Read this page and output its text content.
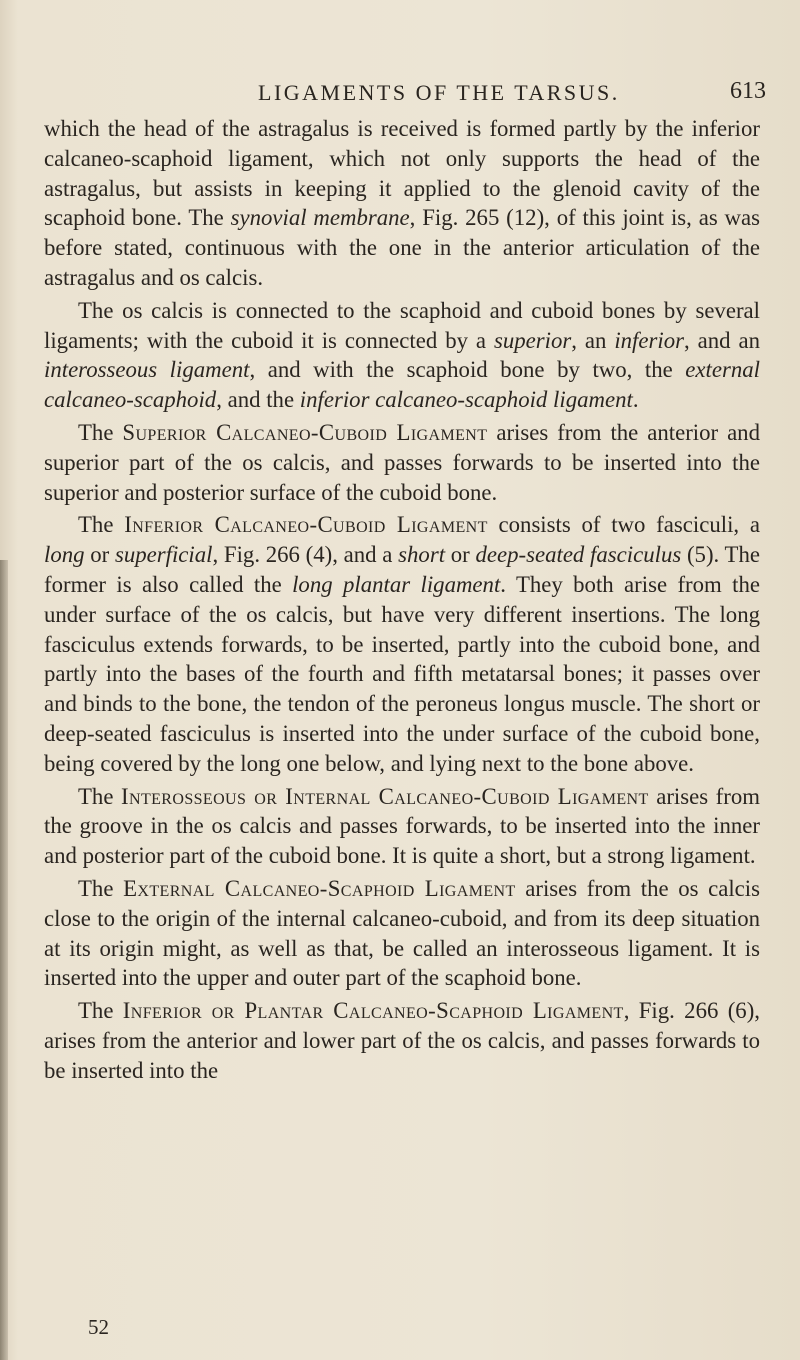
LIGAMENTS OF THE TARSUS.	613

which the head of the astragalus is received is formed partly by the inferior calcaneo-scaphoid ligament, which not only supports the head of the astragalus, but assists in keeping it applied to the glenoid cavity of the scaphoid bone. The synovial membrane, Fig. 265 (12), of this joint is, as was before stated, continuous with the one in the anterior articulation of the astragalus and os calcis.

The os calcis is connected to the scaphoid and cuboid bones by several ligaments; with the cuboid it is connected by a superior, an inferior, and an interosseous ligament, and with the scaphoid bone by two, the external calcaneo-scaphoid, and the inferior calcaneo-scaphoid ligament.

The Superior Calcaneo-Cuboid Ligament arises from the anterior and superior part of the os calcis, and passes forwards to be inserted into the superior and posterior surface of the cuboid bone.

The Inferior Calcaneo-Cuboid Ligament consists of two fasciculi, a long or superficial, Fig. 266 (4), and a short or deep-seated fasciculus (5). The former is also called the long plantar ligament. They both arise from the under surface of the os calcis, but have very different insertions. The long fasciculus extends forwards, to be inserted, partly into the cuboid bone, and partly into the bases of the fourth and fifth metatarsal bones; it passes over and binds to the bone, the tendon of the peroneus longus muscle. The short or deep-seated fasciculus is inserted into the under surface of the cuboid bone, being covered by the long one below, and lying next to the bone above.

The Interosseous or Internal Calcaneo-Cuboid Ligament arises from the groove in the os calcis and passes forwards, to be inserted into the inner and posterior part of the cuboid bone. It is quite a short, but a strong ligament.

The External Calcaneo-Scaphoid Ligament arises from the os calcis close to the origin of the internal calcaneo-cuboid, and from its deep situation at its origin might, as well as that, be called an interosseous ligament. It is inserted into the upper and outer part of the scaphoid bone.

The Inferior or Plantar Calcaneo-Scaphoid Ligament, Fig. 266 (6), arises from the anterior and lower part of the os calcis, and passes forwards to be inserted into the

52
